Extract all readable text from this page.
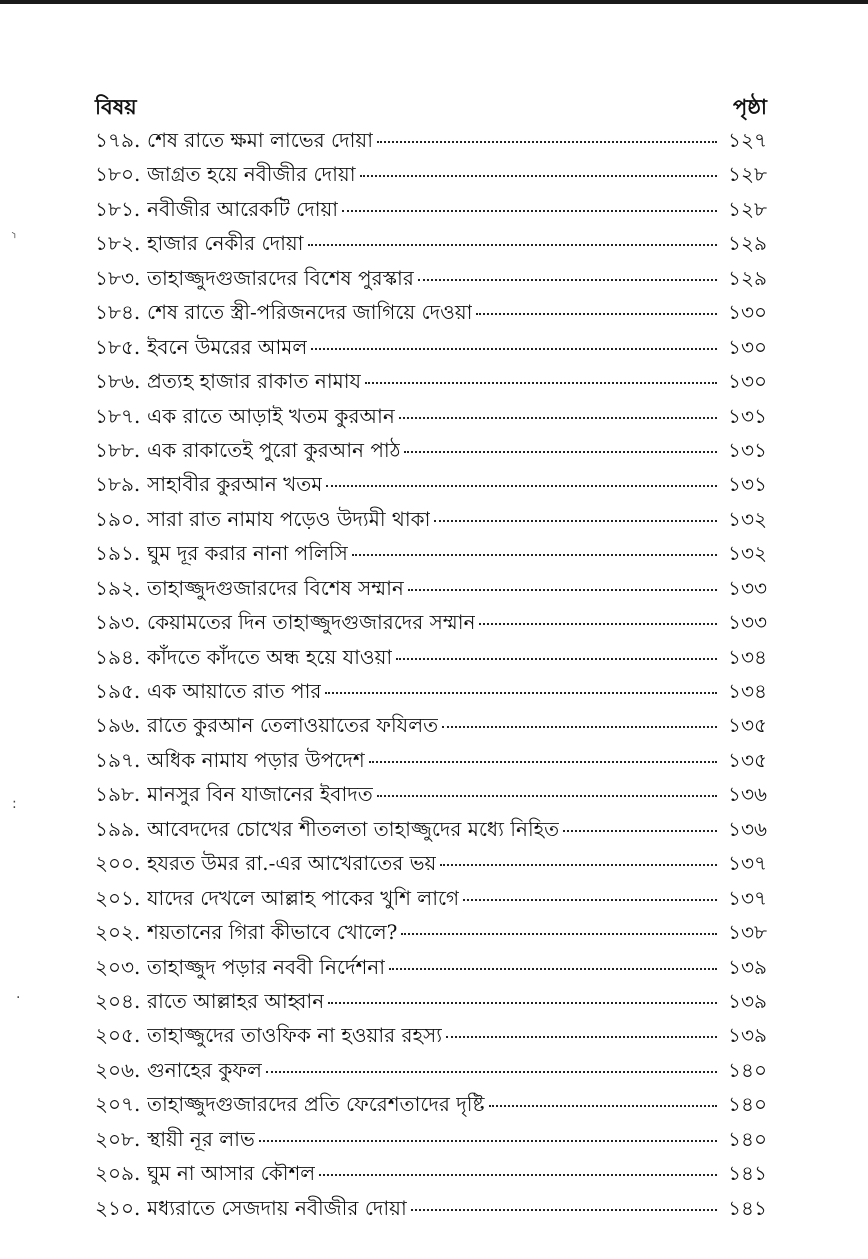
⸃
:
·
বিষয়	পৃষ্ঠা
১৭৯. শেষ রাতে ক্ষমা লাভের দোয়া	১২৭
১৮০. জাগ্রত হয়ে নবীজীর দোয়া	১২৮
১৮১. নবীজীর আরেকটি দোয়া	১২৮
১৮২. হাজার নেকীর দোয়া	১২৯
১৮৩. তাহাজ্জুদগুজারদের বিশেষ পুরস্কার	১২৯
১৮৪. শেষ রাতে স্ত্রী-পরিজনদের জাগিয়ে দেওয়া	১৩০
১৮৫. ইবনে উমরের আমল	১৩০
১৮৬. প্রত্যহ হাজার রাকাত নামায	১৩০
১৮৭. এক রাতে আড়াই খতম কুরআন	১৩১
১৮৮. এক রাকাতেই পুরো কুরআন পাঠ	১৩১
১৮৯. সাহাবীর কুরআন খতম	১৩১
১৯০. সারা রাত নামায পড়েও উদ্যমী থাকা	১৩২
১৯১. ঘুম দূর করার নানা পলিসি	১৩২
১৯২. তাহাজ্জুদগুজারদের বিশেষ সম্মান	১৩৩
১৯৩. কেয়ামতের দিন তাহাজ্জুদগুজারদের সম্মান	১৩৩
১৯৪. কাঁদতে কাঁদতে অন্ধ হয়ে যাওয়া	১৩৪
১৯৫. এক আয়াতে রাত পার	১৩৪
১৯৬. রাতে কুরআন তেলাওয়াতের ফযিলত	১৩৫
১৯৭. অধিক নামায পড়ার উপদেশ	১৩৫
১৯৮. মানসুর বিন যাজানের ইবাদত	১৩৬
১৯৯. আবেদদের চোখের শীতলতা তাহাজ্জুদের মধ্যে নিহিত	১৩৬
২০০. হযরত উমর রা.-এর আখেরাতের ভয়	১৩৭
২০১. যাদের দেখলে আল্লাহ পাকের খুশি লাগে	১৩৭
২০২. শয়তানের গিরা কীভাবে খোলে?	১৩৮
২০৩. তাহাজ্জুদ পড়ার নববী নির্দেশনা	১৩৯
২০৪. রাতে আল্লাহর আহ্বান	১৩৯
২০৫. তাহাজ্জুদের তাওফিক না হওয়ার রহস্য	১৩৯
২০৬. গুনাহের কুফল	১৪০
২০৭. তাহাজ্জুদগুজারদের প্রতি ফেরেশতাদের দৃষ্টি	১৪০
২০৮. স্থায়ী নূর লাভ	১৪০
২০৯. ঘুম না আসার কৌশল	১৪১
২১০. মধ্যরাতে সেজদায় নবীজীর দোয়া	১৪১
